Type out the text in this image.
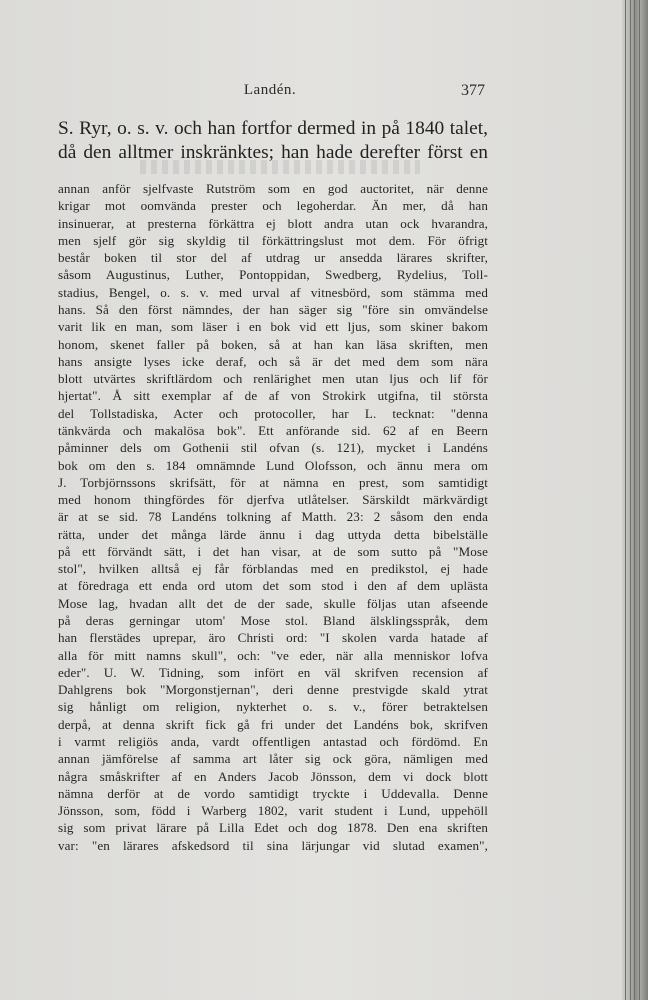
Landén.	377
S. Ryr, o. s. v. och han fortfor dermed in på 1840 talet,
då den alltmer inskränktes; han hade derefter först en
annan anför sjelfvaste Rutström som en god auctoritet, när denne
krigar mot oomvända prester och legoherdar. Än mer, då han
insinuerar, at presterna förkättra ej blott andra utan ock hvarandra,
men sjelf gör sig skyldig til förkättringslust mot dem. För öfrigt
består boken til stor del af utdrag ur ansedda lärares skrifter,
såsom Augustinus, Luther, Pontoppidan, Swedberg, Rydelius, Toll-
stadius, Bengel, o. s. v. med urval af vitnesbörd, som stämma med
hans. Så den först nämndes, der han säger sig "före sin omvändelse
varit lik en man, som läser i en bok vid ett ljus, som skiner bakom
honom, skenet faller på boken, så at han kan läsa skriften, men
hans ansigte lyses icke deraf, och så är det med dem som nära
blott utvärtes skriftlärdom och renlärighet men utan ljus och lif för
hjertat". Å sitt exemplar af de af von Strokirk utgifna, til största
del Tollstadiska, Acter och protocoller, har L. tecknat: "denna
tänkvärda och makalösa bok". Ett anförande sid. 62 af en Beern
påminner dels om Gothenii stil ofvan (s. 121), mycket i Landéns
bok om den s. 184 omnämnde Lund Olofsson, och ännu mera om
J. Torbjörnssons skrifsätt, för at nämna en prest, som samtidigt
med honom thingfördes för djerfva utlåtelser. Särskildt märkvärdigt
är at se sid. 78 Landéns tolkning af Matth. 23: 2 såsom den enda
rätta, under det många lärde ännu i dag uttyda detta bibelställe
på ett förvändt sätt, i det han visar, at de som sutto på "Mose
stol", hvilken alltså ej får förblandas med en predikstol, ej hade
at föredraga ett enda ord utom det som stod i den af dem uplästa
Mose lag, hvadan allt det de der sade, skulle följas utan afseende
på deras gerningar utom' Mose stol. Bland älsklingsspråk, dem
han flerstädes uprepar, äro Christi ord: "I skolen varda hatade af
alla för mitt namns skull", och: "ve eder, när alla menniskor lofva
eder". U. W. Tidning, som infört en väl skrifven recension af
Dahlgrens bok "Morgonstjernan", deri denne prestvigde skald ytrat
sig hånligt om religion, nykterhet o. s. v., förer betraktelsen
derpå, at denna skrift fick gå fri under det Landéns bok, skrifven
i varmt religiös anda, vardt offentligen antastad och fördömd. En
annan jämförelse af samma art låter sig ock göra, nämligen med
några småskrifter af en Anders Jacob Jönsson, dem vi dock blott
nämna derför at de vordo samtidigt tryckte i Uddevalla. Denne
Jönsson, som, född i Warberg 1802, varit student i Lund, uppehöll
sig som privat lärare på Lilla Edet och dog 1878. Den ena skriften
var: "en lärares afskedsord til sina lärjungar vid slutad examen",
